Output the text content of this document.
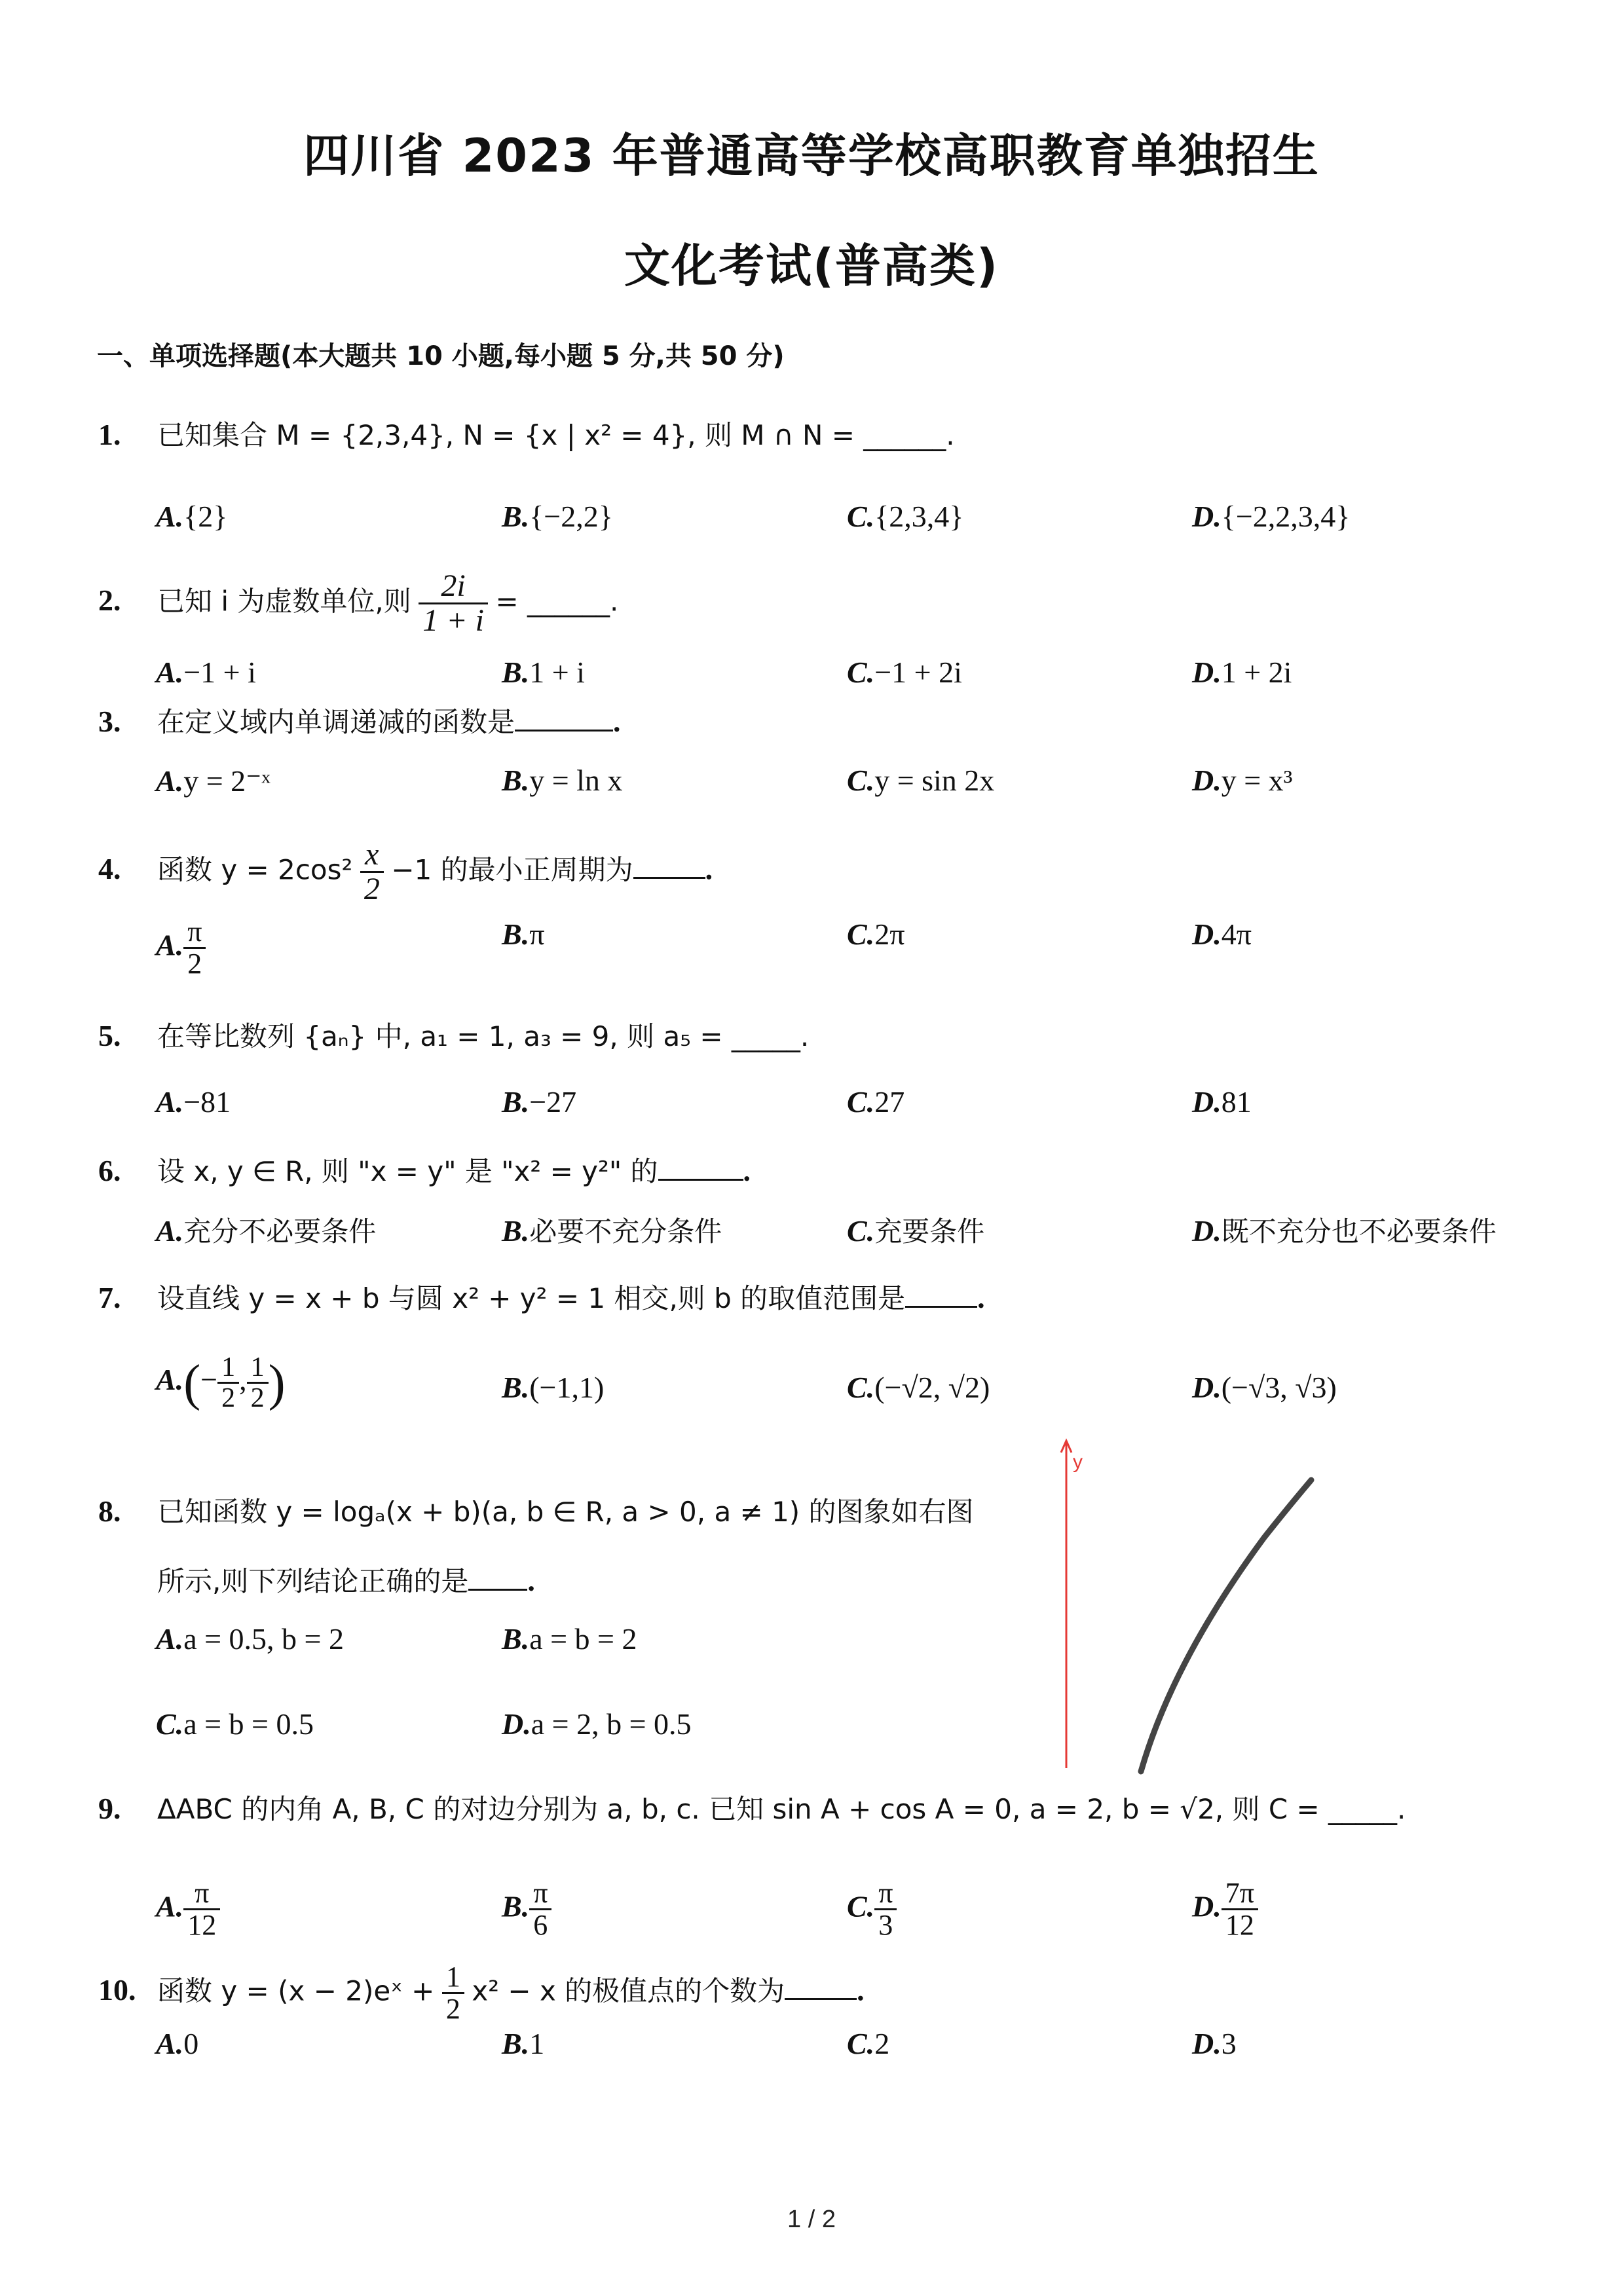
四川省 2023 年普通高等学校高职教育单独招生
文化考试(普高类)
一、单项选择题(本大题共 10 小题,每小题 5 分,共 50 分)
1. 已知集合 M = {2,3,4}, N = {x | x² = 4}, 则 M ∩ N = ______.
A.{2}	B.{−2,2}	C.{2,3,4}	D.{−2,2,3,4}
2. 已知 i 为虚数单位,则 $\frac{2i}{1 + i}$ = ______.
A.−1 + i	B.1 + i	C.−1 + 2i	D.1 + 2i
3. 在定义域内单调递减的函数是	.
A.y = 2⁻ˣ	B.y = ln x	C.y = sin 2x	D.y = x³
4. 函数 $y = 2\cos^2 \frac{x}{2} -1$ 的最小正周期为 .
A. $\frac{\pi}{2}$	B.π	C.2π	D.4π
5. 在等比数列 {aₙ} 中, a₁ = 1, a₃ = 9, 则 a₅ = _____.
A.−81	B.−27	C.27	D.81
6. 设 x, y ∈ R, 则 "x = y" 是 "x² = y²" 的	.
A.充分不必要条件	B.必要不充分条件	C.充要条件	D.既不充分也不必要条件
7. 设直线 y = x + b 与圆 x² + y² = 1 相交,则 b 的取值范围是 .
$A.(- \frac{1}{2}$ , $\frac{1}{2}$ )	B.(−1,1)	C.(−√2, √2)	D.(−√3, √3)
8. 已知函数 y = logₐ(x + b)(a, b ∈ R, a > 0, a ≠ 1) 的图象如右图
所示,则下列结论正确的是 .
A.a = 0.5, b = 2	B.a = b = 2
C.a = b = 0.5	D.a = 2, b = 0.5
y
9. ΔABC 的内角 A, B, C 的对边分别为 a, b, c. 已知 sin A + cos A = 0, a = 2, b = √2, 则 C = _____.
A. $\frac{\pi}{12}$	B. $\frac{\pi}{6}$	C. $\frac{\pi}{3}$	D. $\frac{7\pi}{12}$
10. 函数 y = (x − 2)eˣ + $\frac{1}{2} x^2 - x$ 的极值点的个数为 .
A.0	B.1	C.2	D.3
1 / 2
